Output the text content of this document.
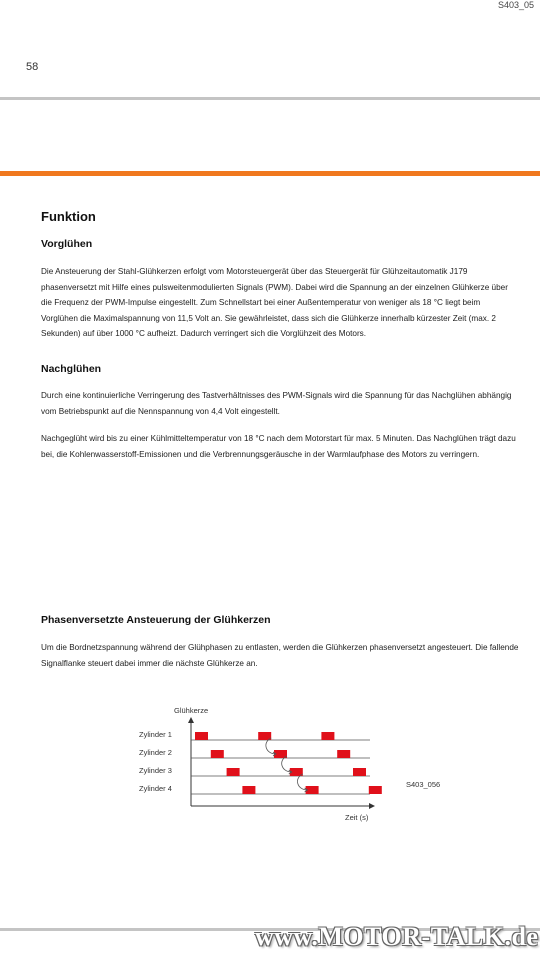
S403_05
58
Funktion
Vorglühen

Die Ansteuerung der Stahl-Glühkerzen erfolgt vom Motorsteuergerät über das Steuergerät für Glühzeitautomatik J179 phasenversetzt mit Hilfe eines pulsweitenmodulierten Signals (PWM). Dabei wird die Spannung an der einzelnen Glühkerze über die Frequenz der PWM-Impulse eingestellt. Zum Schnellstart bei einer Außentemperatur von weniger als 18 °C liegt beim Vorglühen die Maximalspannung von 11,5 Volt an. Sie gewährleistet, dass sich die Glühkerze innerhalb kürzester Zeit (max. 2 Sekunden) auf über 1000 °C aufheizt. Dadurch verringert sich die Vorglühzeit des Motors.

Nachglühen

Durch eine kontinuierliche Verringerung des Tastverhältnisses des PWM-Signals wird die Spannung für das Nachglühen abhängig vom Betriebspunkt auf die Nennspannung von 4,4 Volt eingestellt.

Nachgeglüht wird bis zu einer Kühlmitteltemperatur von 18 °C nach dem Motorstart für max. 5 Minuten. Das Nachglühen trägt dazu bei, die Kohlenwasserstoff-Emissionen und die Verbrennungsgeräusche in der Warmlaufphase des Motors zu verringern.

Phasenversetzte Ansteuerung der Glühkerzen

Um die Bordnetzspannung während der Glühphasen zu entlasten, werden die Glühkerzen phasenversetzt angesteuert. Die fallende Signalflanke steuert dabei immer die nächste Glühkerze an.

Glühkerze
Zeit (s)
S403_056
Zylinder 1
Zylinder 2
Zylinder 3
Zylinder 4
www.MOTOR-TALK.de
